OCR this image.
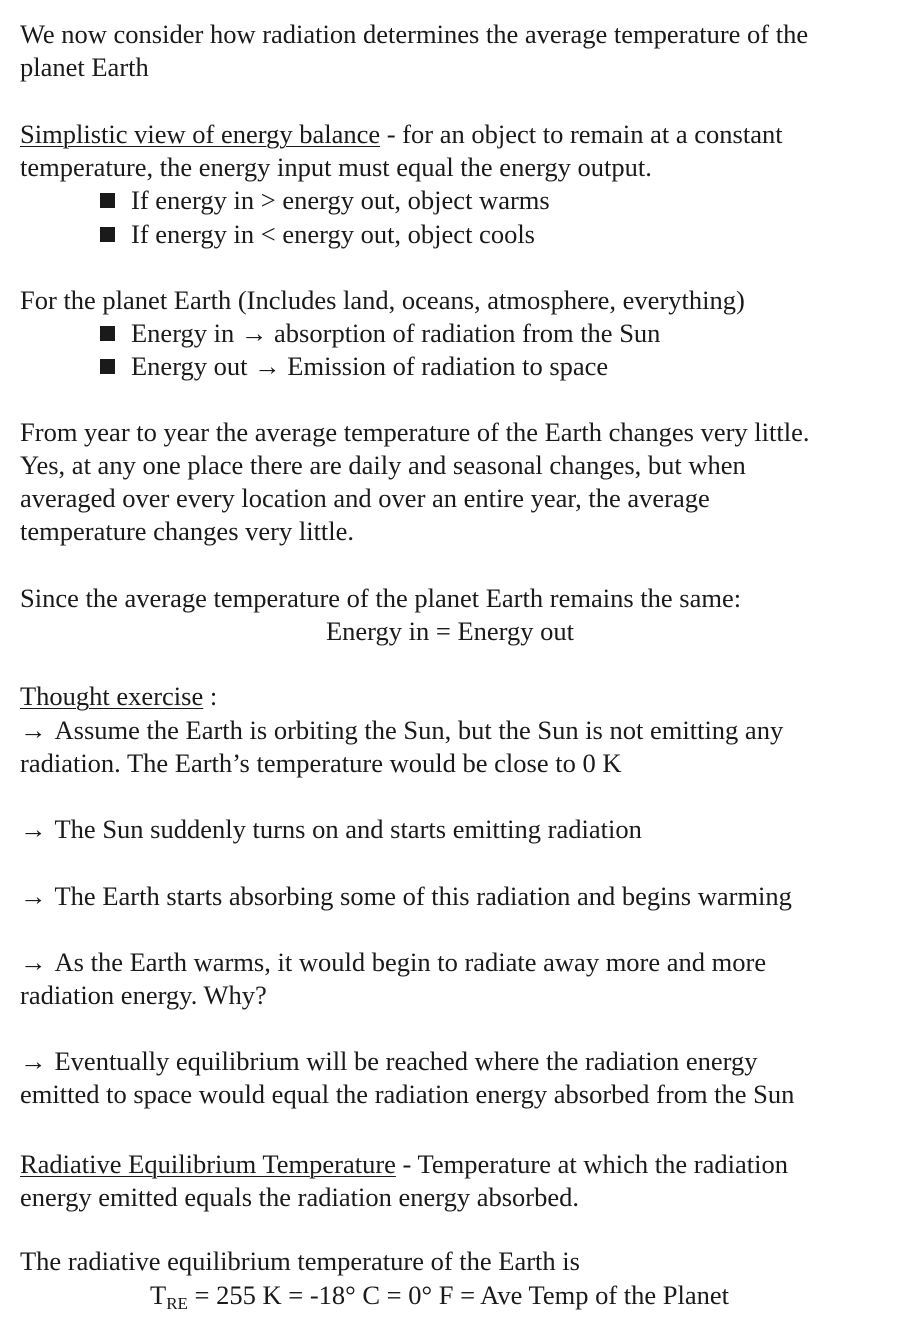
We now consider how radiation determines the average temperature of the
planet Earth
Simplistic view of energy balance - for an object to remain at a constant
temperature, the energy input must equal the energy output.
If energy in > energy out, object warms
If energy in < energy out, object cools
For the planet Earth (Includes land, oceans, atmosphere, everything)
Energy in → absorption of radiation from the Sun
Energy out → Emission of radiation to space
From year to year the average temperature of the Earth changes very little.
Yes, at any one place there are daily and seasonal changes, but when
averaged over every location and over an entire year, the average
temperature changes very little.
Since the average temperature of the planet Earth remains the same:
Energy in = Energy out
Thought exercise :
→ Assume the Earth is orbiting the Sun, but the Sun is not emitting any
radiation. The Earth’s temperature would be close to 0 K
→ The Sun suddenly turns on and starts emitting radiation
→ The Earth starts absorbing some of this radiation and begins warming
→ As the Earth warms, it would begin to radiate away more and more
radiation energy. Why?
→ Eventually equilibrium will be reached where the radiation energy
emitted to space would equal the radiation energy absorbed from the Sun
Radiative Equilibrium Temperature - Temperature at which the radiation
energy emitted equals the radiation energy absorbed.
The radiative equilibrium temperature of the Earth is
$T_{RE} = 255$ K = -18° C = 0° F = Ave Temp of the Planet
